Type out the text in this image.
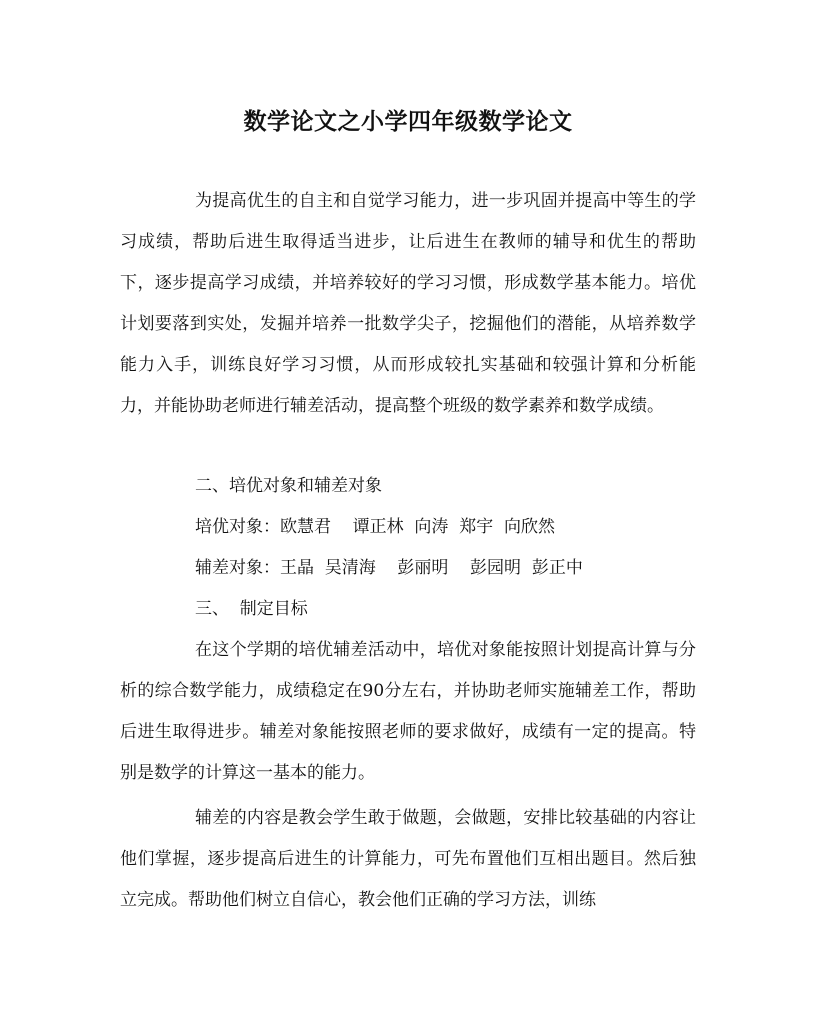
数学论文之小学四年级数学论文

为提高优生的自主和自觉学习能力，进一步巩固并提高中等生的学习成绩，帮助后进生取得适当进步，让后进生在教师的辅导和优生的帮助下，逐步提高学习成绩，并培养较好的学习习惯，形成数学基本能力。培优计划要落到实处，发掘并培养一批数学尖子，挖掘他们的潜能，从培养数学能力入手，训练良好学习习惯，从而形成较扎实基础和较强计算和分析能力，并能协助老师进行辅差活动，提高整个班级的数学素养和数学成绩。

二、培优对象和辅差对象
培优对象：欧慧君    谭正林  向涛  郑宇  向欣然
辅差对象：王晶  吴清海    彭丽明    彭园明  彭正中
三、  制定目标

在这个学期的培优辅差活动中，培优对象能按照计划提高计算与分析的综合数学能力，成绩稳定在90分左右，并协助老师实施辅差工作，帮助后进生取得进步。辅差对象能按照老师的要求做好，成绩有一定的提高。特别是数学的计算这一基本的能力。

辅差的内容是教会学生敢于做题，会做题，安排比较基础的内容让他们掌握，逐步提高后进生的计算能力，可先布置他们互相出题目。然后独立完成。帮助他们树立自信心，教会他们正确的学习方法，训练
